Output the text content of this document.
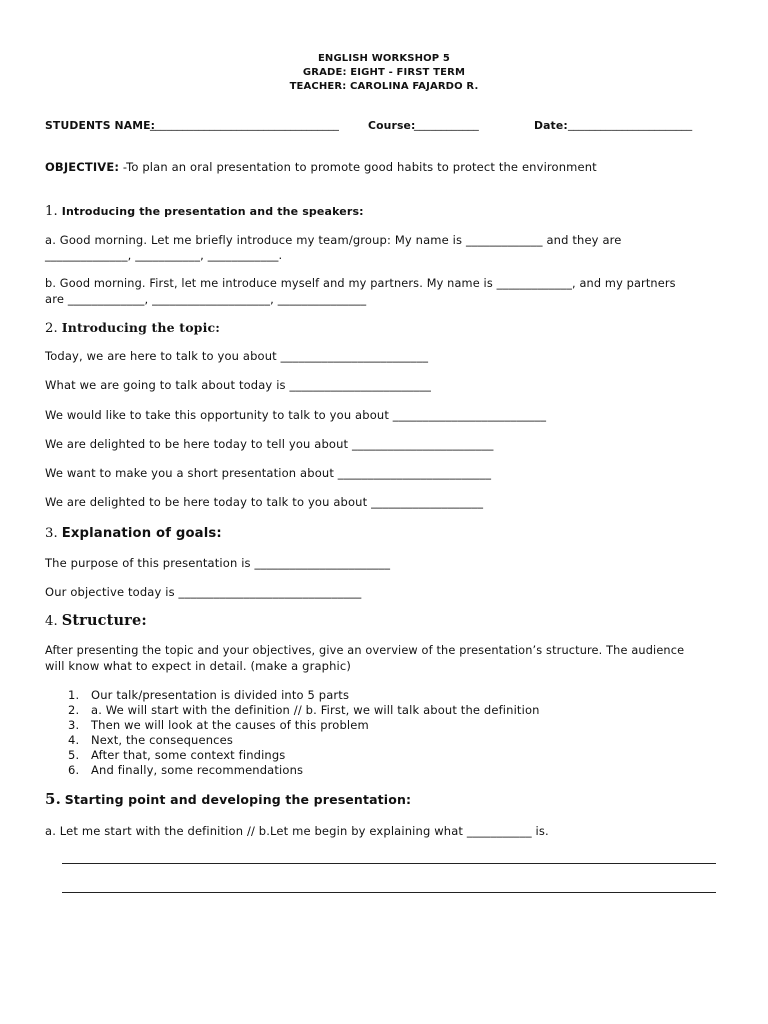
ENGLISH WORKSHOP 5
GRADE: EIGHT - FIRST TERM
TEACHER: CAROLINA FAJARDO R.
STUDENTS NAME:
___________________________________	Course:
____________	Date: _______________________
OBJECTIVE: -To plan an oral presentation to promote good habits to protect the environment
1. Introducing the presentation and the speakers:
a. Good morning. Let me briefly introduce my team/group: My name is _____________ and they are
______________, ___________, ____________.
b. Good morning. First, let me introduce myself and my partners. My name is _____________, and my partners
are _____________, ____________________, _______________
2. Introducing the topic:
Today, we are here to talk to you about _________________________
What we are going to talk about today is ________________________
We would like to take this opportunity to talk to you about __________________________
We are delighted to be here today to tell you about ________________________
We want to make you a short presentation about __________________________
We are delighted to be here today to talk to you about ___________________
3. Explanation of goals:
The purpose of this presentation is _______________________
Our objective today is _______________________________
4. Structure:
After presenting the topic and your objectives, give an overview of the presentation’s structure. The audience
will know what to expect in detail. (make a graphic)
1. Our talk/presentation is divided into 5 parts
2. a. We will start with the definition // b. First, we will talk about the definition
3. Then we will look at the causes of this problem
4. Next, the consequences
5. After that, some context findings
6. And finally, some recommendations
5. Starting point and developing the presentation:
a. Let me start with the definition // b.Let me begin by explaining what ___________ is.
